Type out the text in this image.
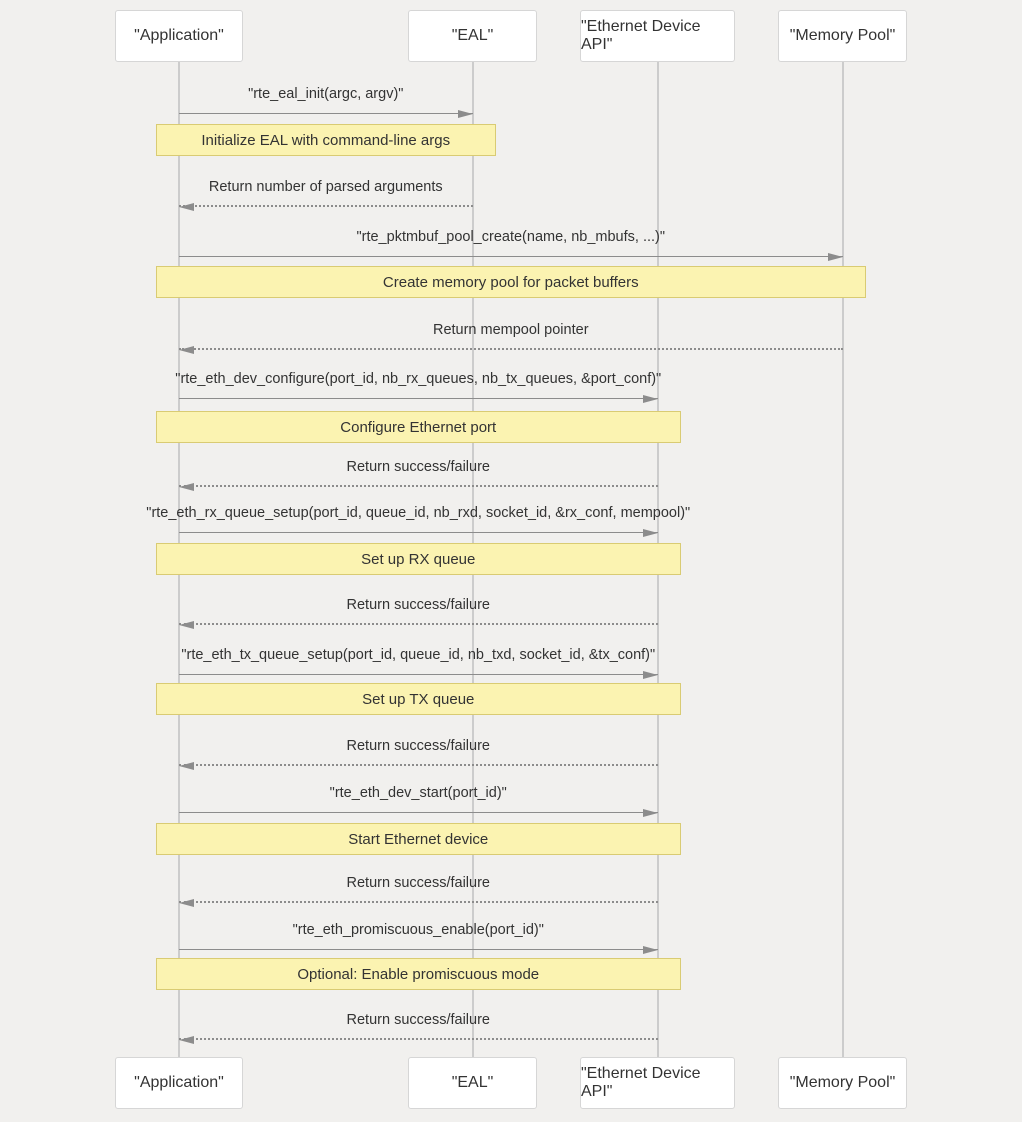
"Application"
"Application"
"EAL"
"EAL"
"Ethernet Device API"
"Ethernet Device API"
"Memory Pool"
"Memory Pool"
"rte_eal_init(argc, argv)"
Initialize EAL with command-line args
Return number of parsed arguments
"rte_pktmbuf_pool_create(name, nb_mbufs, ...)"
Create memory pool for packet buffers
Return mempool pointer
"rte_eth_dev_configure(port_id, nb_rx_queues, nb_tx_queues, &port_conf)"
Configure Ethernet port
Return success/failure
"rte_eth_rx_queue_setup(port_id, queue_id, nb_rxd, socket_id, &rx_conf, mempool)"
Set up RX queue
Return success/failure
"rte_eth_tx_queue_setup(port_id, queue_id, nb_txd, socket_id, &tx_conf)"
Set up TX queue
Return success/failure
"rte_eth_dev_start(port_id)"
Start Ethernet device
Return success/failure
"rte_eth_promiscuous_enable(port_id)"
Optional: Enable promiscuous mode
Return success/failure
